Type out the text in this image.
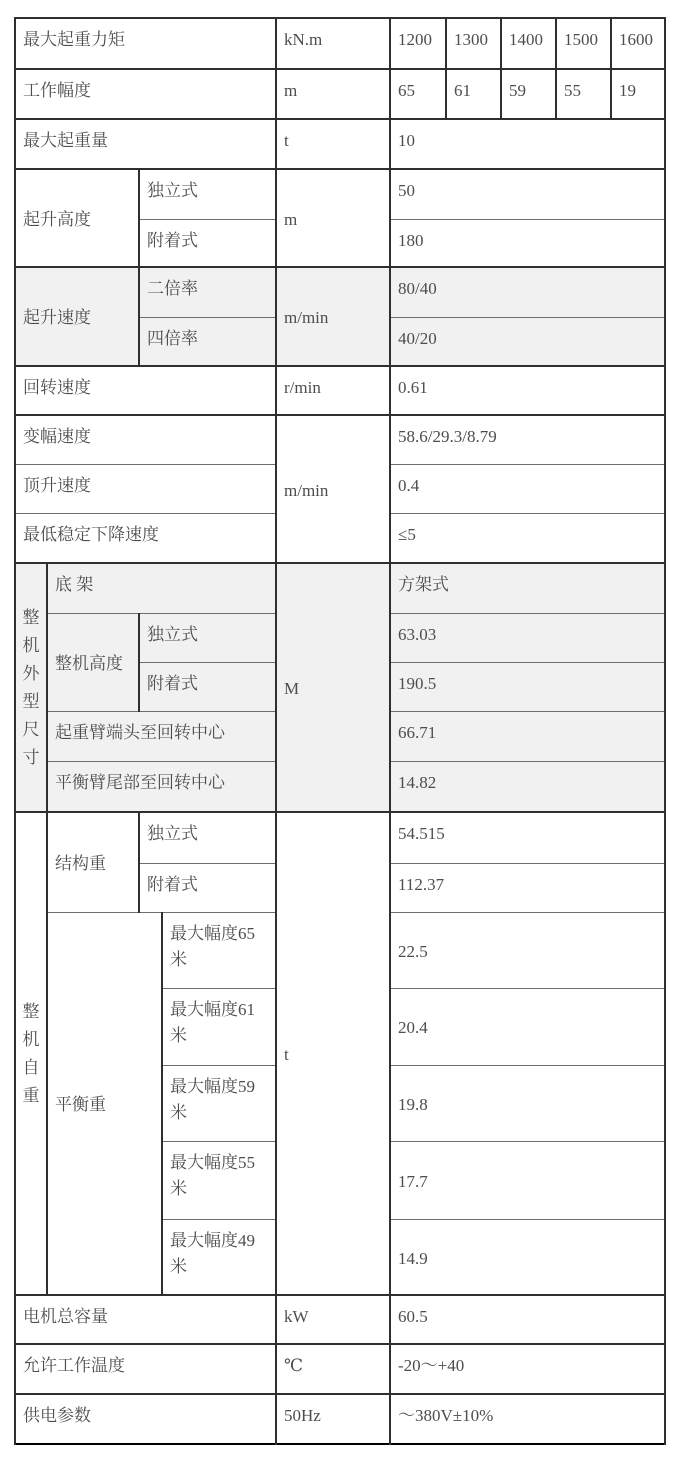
最大起重力矩				kN.m	1200	1300	1400	1500	1600
工作幅度				m	65	61	59	55	19
最大起重量				t	10				
起升高度		独立式		m	50				
		附着式			180				
起升速度		二倍率		m/min	80/40				
		四倍率			40/20				
回转速度				r/min	0.61				
变幅速度				m/min	58.6/29.3/8.79				
顶升速度					0.4				
最低稳定下降速度					≤5				
整机外型尺寸	底 架			M	方架式				
	整机高度	独立式			63.03				
		附着式			190.5				
	起重臂端头至回转中心				66.71				
	平衡臂尾部至回转中心				14.82				
整机自重	结构重	独立式		t	54.515				
		附着式			112.37				
	平衡重		最大幅度65米		22.5				
			最大幅度61米		20.4				
			最大幅度59米		19.8				
			最大幅度55米		17.7				
			最大幅度49米		14.9				
电机总容量				kW	60.5				
允许工作温度				℃	-20～+40				
供电参数				50Hz	～380V±10%				
